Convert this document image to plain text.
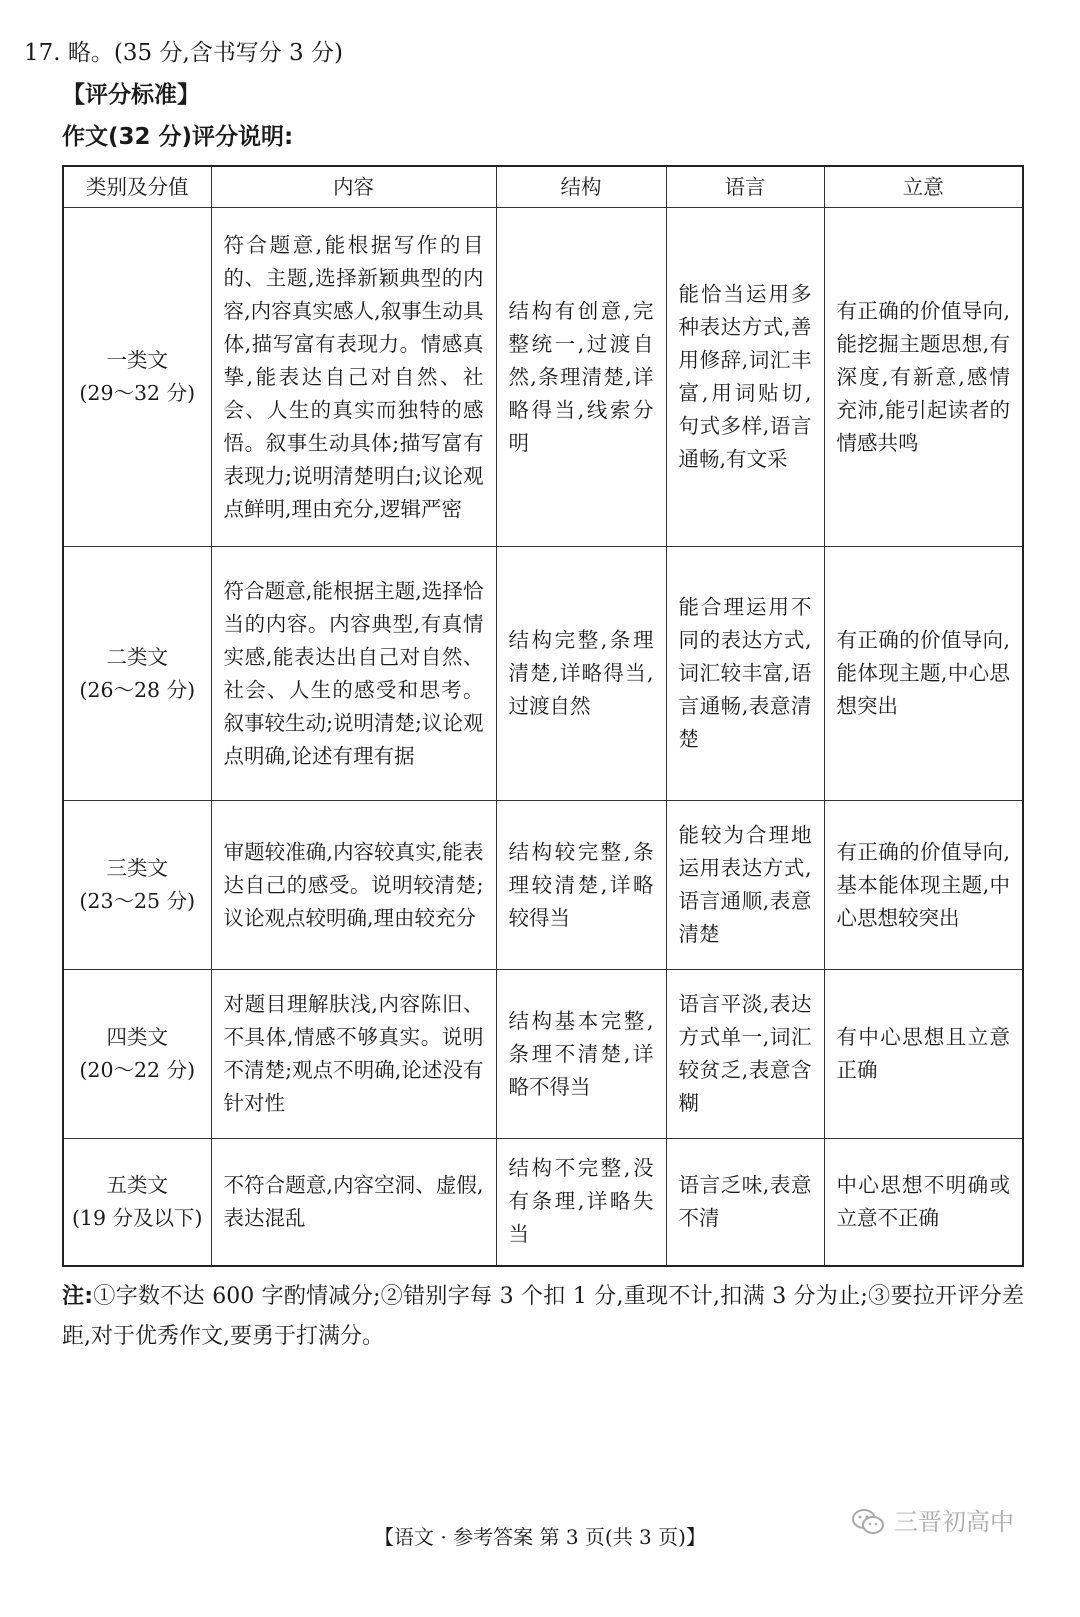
17. 略。(35 分,含书写分 3 分)
【评分标准】
作文(32 分)评分说明:
类别及分值	内容	结构	语言	立意

一类文
(29～32 分)	符合题意,能根据写作的目的、主题,选择新颖典型的内容,内容真实感人,叙事生动具体,描写富有表现力。情感真挚,能表达自己对自然、社会、人生的真实而独特的感悟。叙事生动具体;描写富有表现力;说明清楚明白;议论观点鲜明,理由充分,逻辑严密	结构有创意,完整统一,过渡自然,条理清楚,详略得当,线索分明	能恰当运用多种表达方式,善用修辞,词汇丰富,用词贴切,句式多样,语言通畅,有文采	有正确的价值导向,能挖掘主题思想,有深度,有新意,感情充沛,能引起读者的情感共鸣

二类文
(26～28 分)	符合题意,能根据主题,选择恰当的内容。内容典型,有真情实感,能表达出自己对自然、社会、人生的感受和思考。叙事较生动;说明清楚;议论观点明确,论述有理有据	结构完整,条理清楚,详略得当,过渡自然	能合理运用不同的表达方式,词汇较丰富,语言通畅,表意清楚	有正确的价值导向,能体现主题,中心思想突出

三类文
(23～25 分)	审题较准确,内容较真实,能表达自己的感受。说明较清楚;议论观点较明确,理由较充分	结构较完整,条理较清楚,详略较得当	能较为合理地运用表达方式,语言通顺,表意清楚	有正确的价值导向,基本能体现主题,中心思想较突出

四类文
(20～22 分)	对题目理解肤浅,内容陈旧、不具体,情感不够真实。说明不清楚;观点不明确,论述没有针对性	结构基本完整,条理不清楚,详略不得当	语言平淡,表达方式单一,词汇较贫乏,表意含糊	有中心思想且立意正确

五类文
(19 分及以下)	不符合题意,内容空洞、虚假,表达混乱	结构不完整,没有条理,详略失当	语言乏味,表意不清	中心思想不明确或立意不正确
注:①字数不达 600 字酌情减分;②错别字每 3 个扣 1 分,重现不计,扣满 3 分为止;③要拉开评分差距,对于优秀作文,要勇于打满分。
三晋初高中
【语文 · 参考答案 第 3 页(共 3 页)】
